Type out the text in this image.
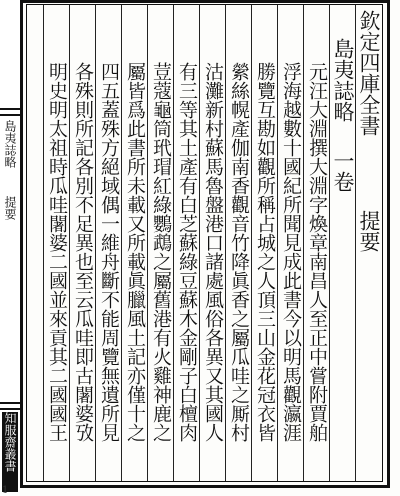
島夷誌略
提要
知服齋叢書
欽定四庫全書
提要
島夷誌略
一卷
元汪大淵撰大淵字煥章南昌人至正中嘗附賈舶
浮海越數十國紀所聞見成此書今以明馬觀瀛涯
勝覽互勘如觀所稱占城之人頂三山金花冠衣皆
縈絲幌產伽南香觀音竹降眞香之屬瓜哇之厮村
沽灘新村蘇馬魯盤港口諸處風俗各異又其國人
有三等其土產有白芝蘇綠豆蘇木金剛子白檀肉
荳蔻龜筒玳瑁紅綠鸚鵡之屬舊港有火雞神鹿之
屬皆爲此書所未載又所載眞臘風土記亦僅十之
四五蓋殊方絕域偶一維舟斷不能周覽無遺所見
各殊則所記各別不足異也至云瓜哇即古闍婆攷
明史明太祖時瓜哇闍婆二國並來貢其二國國王
1
